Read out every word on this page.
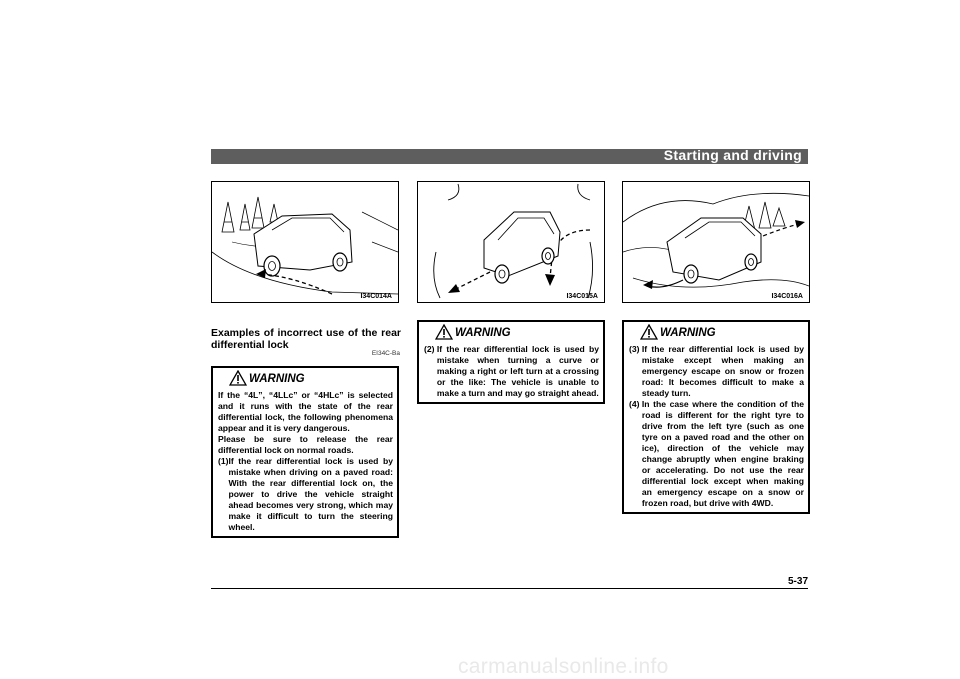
Starting and driving
I34C014A	I34C015A	I34C016A
Examples of incorrect use of the rear differential lock
EI34C-Ba
WARNING

If the “4L”, “4LLc” or “4HLc” is selected and it runs with the state of the rear differential lock, the following phenomena appear and it is very dangerous.

Please be sure to release the rear differential lock on normal roads.

(1) If the rear differential lock is used by mistake when driving on a paved road: With the rear differential lock on, the power to drive the vehicle straight ahead becomes very strong, which may make it difficult to turn the steering wheel.
WARNING
(2)
If the rear differential lock is used by mistake when turning a curve or making a right or left turn at a crossing or the like: The vehicle is unable to make a turn and may go straight ahead.
WARNING
(3)
If the rear differential lock is used by mistake except when making an emergency escape on snow or frozen road: It becomes difficult to make a steady turn.
(4)
In the case where the condition of the road is different for the right tyre to drive from the left tyre (such as one tyre on a paved road and the other on ice), direction of the vehicle may change abruptly when engine braking or accelerating. Do not use the rear differential lock except when making an emergency escape on a snow or frozen road, but drive with 4WD.
5-37
carmanualsonline.info
